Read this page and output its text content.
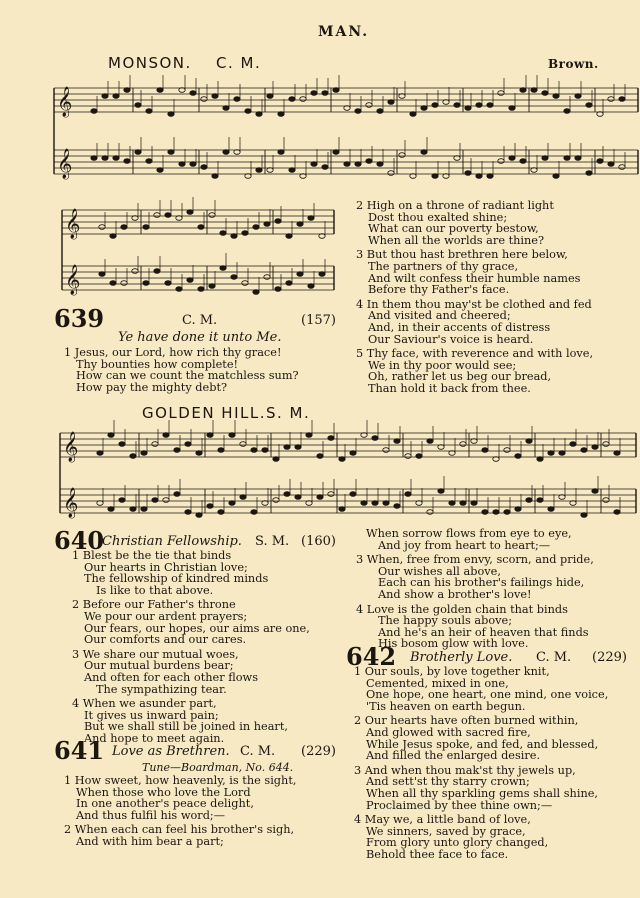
MAN.
MONSON. C. M.	Brown.
𝄞
𝄞
𝄞
𝄞
𝄞
𝄞
639	C. M.	(157)
Ye have done it unto Me.
1 Jesus, our Lord, how rich thy grace!
Thy bounties how complete!
How can we count the matchless sum?
How pay the mighty debt?
2 High on a throne of radiant light
Dost thou exalted shine;
What can our poverty bestow,
When all the worlds are thine?
3 But thou hast brethren here below,
The partners of thy grace,
And wilt confess their humble names
Before thy Father's face.
4 In them thou may'st be clothed and fed
And visited and cheered;
And, in their accents of distress
Our Saviour's voice is heard.
5 Thy face, with reverence and with love,
We in thy poor would see;
Oh, rather let us beg our bread,
Than hold it back from thee.
GOLDEN HILL. S. M.
640
Christian Fellowship. S. M. (160)
1 Blest be the tie that binds
Our hearts in Christian love;
The fellowship of kindred minds
Is like to that above.
2 Before our Father's throne
We pour our ardent prayers;
Our fears, our hopes, our aims are one,
Our comforts and our cares.
3 We share our mutual woes,
Our mutual burdens bear;
And often for each other flows
The sympathizing tear.
4 When we asunder part,
It gives us inward pain;
But we shall still be joined in heart,
And hope to meet again.
641 Love as Brethren. C. M. (229)
Tune—Boardman, No. 644.
1 How sweet, how heavenly, is the sight,
When those who love the Lord
In one another's peace delight,
And thus fulfil his word;—
2 When each can feel his brother's sigh,
And with him bear a part;
When sorrow flows from eye to eye,
And joy from heart to heart;—
3 When, free from envy, scorn, and pride,
Our wishes all above,
Each can his brother's failings hide,
And show a brother's love!
4 Love is the golden chain that binds
The happy souls above;
And he's an heir of heaven that finds
His bosom glow with love.
642 Brotherly Love. C. M. (229)
1 Our souls, by love together knit,
Cemented, mixed in one,
One hope, one heart, one mind, one voice,
'Tis heaven on earth begun.
2 Our hearts have often burned within,
And glowed with sacred fire,
While Jesus spoke, and fed, and blessed,
And filled the enlarged desire.
3 And when thou mak'st thy jewels up,
And sett'st thy starry crown;
When all thy sparkling gems shall shine,
Proclaimed by thee thine own;—
4 May we, a little band of love,
We sinners, saved by grace,
From glory unto glory changed,
Behold thee face to face.
